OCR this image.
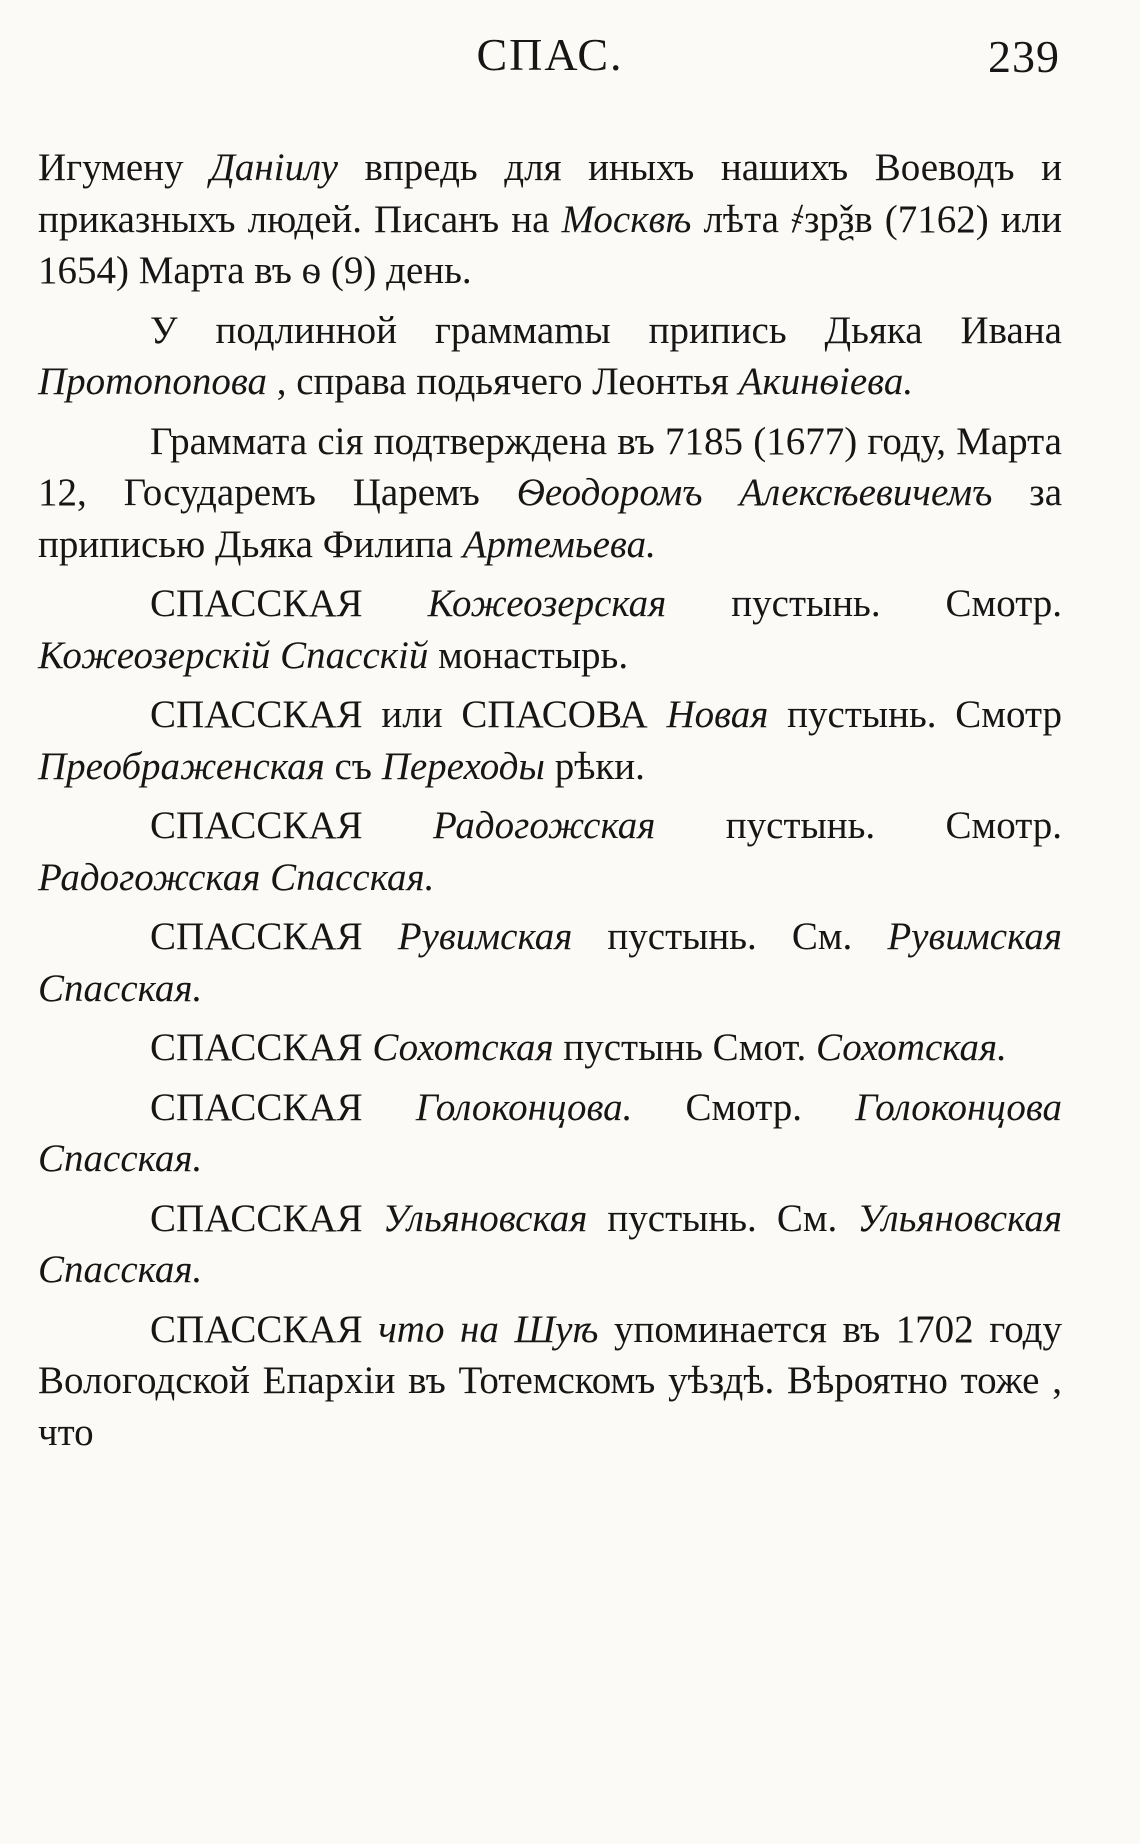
СПАС.	239

Игумену Данiилу впредь для иныхъ нашихъ Воеводъ и приказныхъ людей. Писанъ на Москвѣ лѣта ҂зрѯв (7162) или 1654) Марта въ ѳ (9) день.

У подлинной граммаmы припись Дьяка Ивана Протопопова , справа подьячего Леонтья Акинѳiева.

Граммата сiя подтверждена въ 7185 (1677) году, Марта 12, Государемъ Царемъ Ѳеодоромъ Алексѣевичемъ за приписью Дьяка Филипа Артемьева.

СПАССКАЯ Кожеозерская пустынь. Смотр. Кожеозерскiй Спасскiй монастырь.

СПАССКАЯ или СПАСОВА Новая пустынь. Смотр Преображенская съ Переходы рѣки.

СПАССКАЯ Радогожская пустынь. Смотр. Радогожская Спасская.

СПАССКАЯ Рувимская пустынь. См. Рувимская Спасская.

СПАССКАЯ Сохотская пустынь Смот. Сохотская.

СПАССКАЯ Голоконцова. Смотр. Голоконцова Спасская.

СПАССКАЯ Ульяновская пустынь. См. Ульяновская Спасская.

СПАССКАЯ что на Шуѣ упоминается въ 1702 году Вологодской Епархiи въ Тотемскомъ уѣздѣ. Вѣроятно тоже , что
